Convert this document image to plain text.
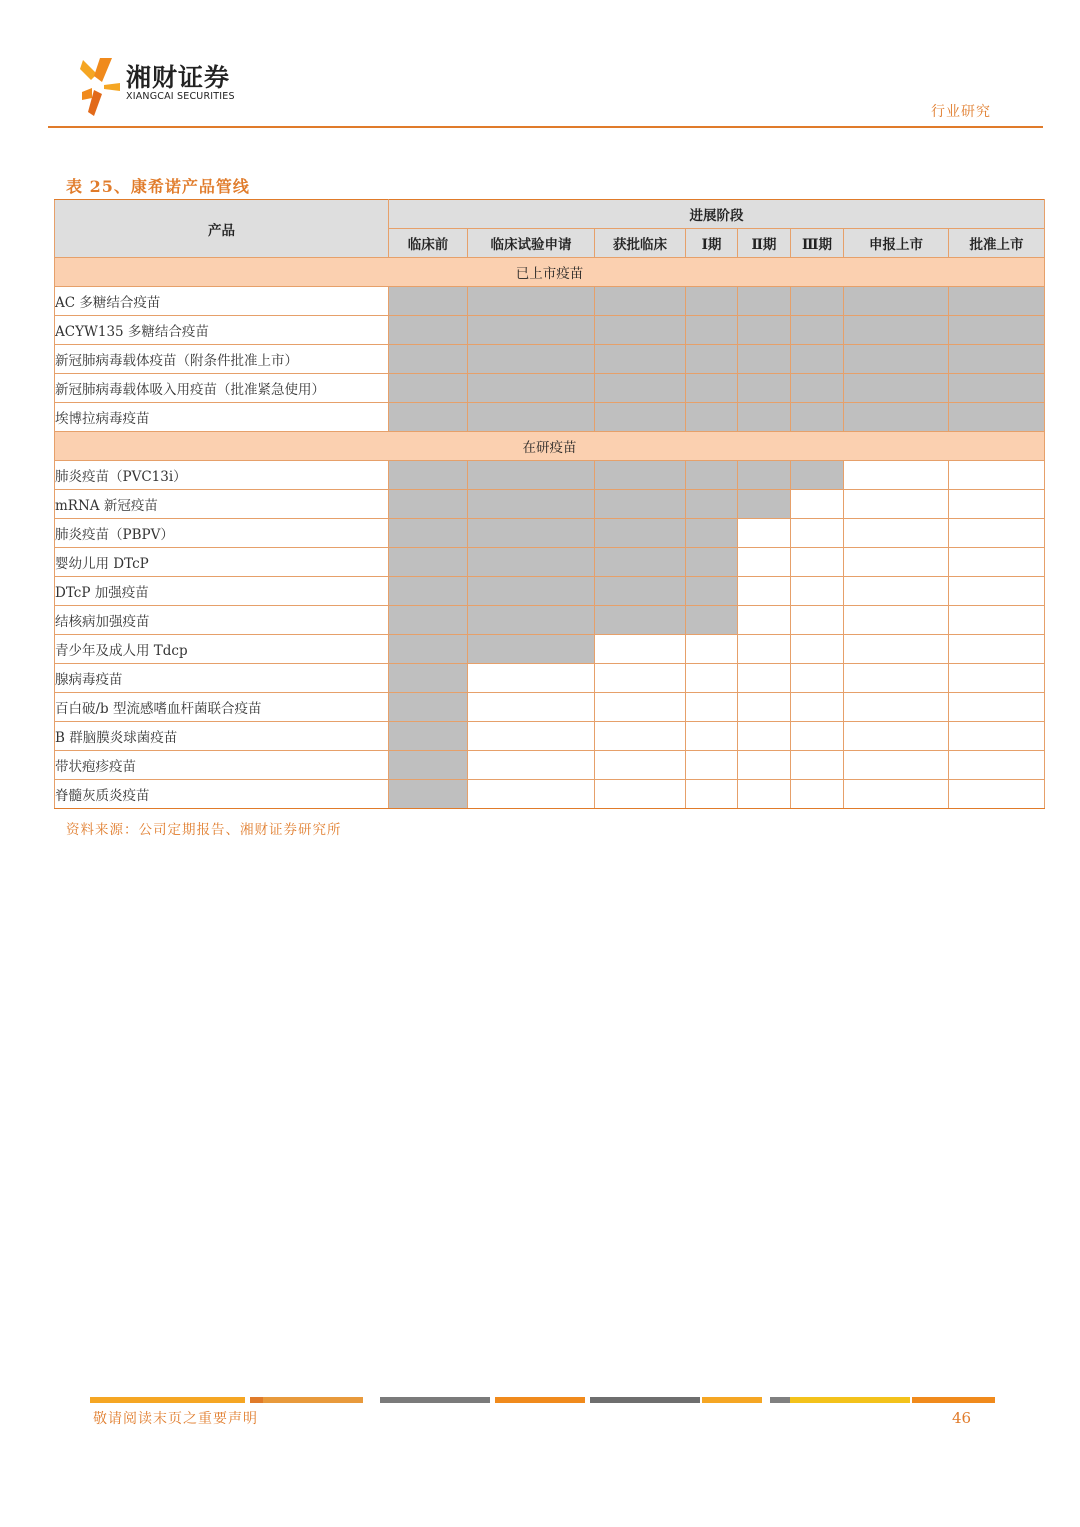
湘财证券
XIANGCAI SECURITIES
行业研究
表 25、康希诺产品管线
产品	进展阶段							
	临床前	临床试验申请	获批临床	Ⅰ期	Ⅱ期	Ⅲ期	申报上市	批准上市
已上市疫苗								
AC 多糖结合疫苗								
ACYW135 多糖结合疫苗								
新冠肺病毒载体疫苗（附条件批准上市）								
新冠肺病毒载体吸入用疫苗（批准紧急使用）								
埃博拉病毒疫苗								
在研疫苗								
肺炎疫苗（PVC13i）								
mRNA 新冠疫苗								
肺炎疫苗（PBPV）								
婴幼儿用 DTcP								
DTcP 加强疫苗								
结核病加强疫苗								
青少年及成人用 Tdcp								
腺病毒疫苗								
百白破/b 型流感嗜血杆菌联合疫苗								
B 群脑膜炎球菌疫苗								
带状疱疹疫苗								
脊髓灰质炎疫苗								
资料来源：公司定期报告、湘财证券研究所
敬请阅读末页之重要声明	46
